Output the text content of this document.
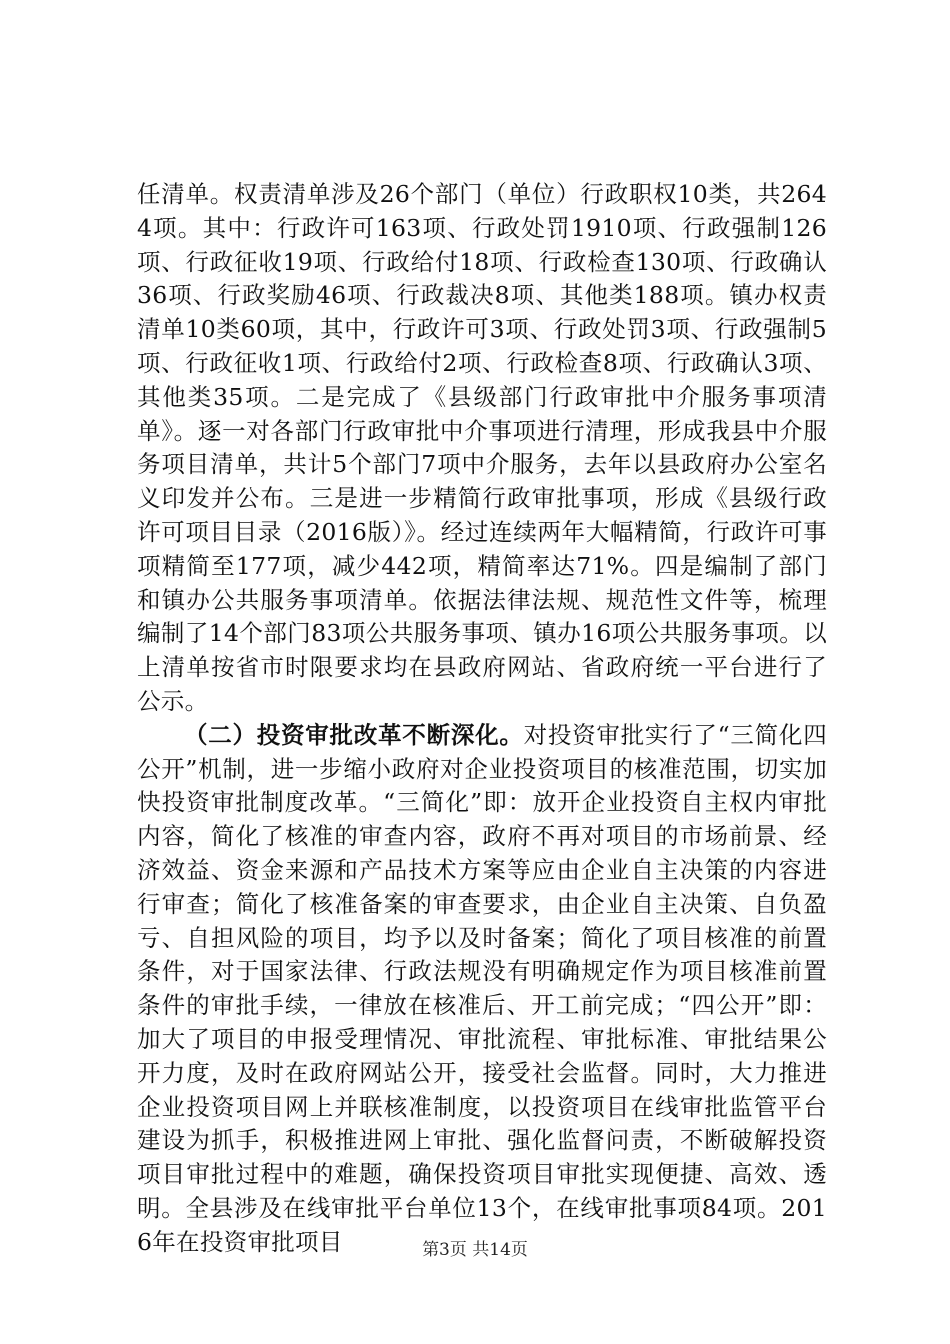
任清单。权责清单涉及26个部门（单位）行政职权10类，共2644项。其中：行政许可163项、行政处罚1910项、行政强制126项、行政征收19项、行政给付18项、行政检查130项、行政确认36项、行政奖励46项、行政裁决8项、其他类188项。镇办权责清单10类60项，其中，行政许可3项、行政处罚3项、行政强制5项、行政征收1项、行政给付2项、行政检查8项、行政确认3项、其他类35项。二是完成了《县级部门行政审批中介服务事项清单》。逐一对各部门行政审批中介事项进行清理，形成我县中介服务项目清单，共计5个部门7项中介服务，去年以县政府办公室名义印发并公布。三是进一步精简行政审批事项，形成《县级行政许可项目目录（2016版）》。经过连续两年大幅精简，行政许可事项精简至177项，减少442项，精简率达71%。四是编制了部门和镇办公共服务事项清单。依据法律法规、规范性文件等，梳理编制了14个部门83项公共服务事项、镇办16项公共服务事项。以上清单按省市时限要求均在县政府网站、省政府统一平台进行了公示。

（二）投资审批改革不断深化。对投资审批实行了“三简化四公开”机制，进一步缩小政府对企业投资项目的核准范围，切实加快投资审批制度改革。“三简化”即：放开企业投资自主权内审批内容，简化了核准的审查内容，政府不再对项目的市场前景、经济效益、资金来源和产品技术方案等应由企业自主决策的内容进行审查；简化了核准备案的审查要求，由企业自主决策、自负盈亏、自担风险的项目，均予以及时备案；简化了项目核准的前置条件，对于国家法律、行政法规没有明确规定作为项目核准前置条件的审批手续，一律放在核准后、开工前完成；“四公开”即：加大了项目的申报受理情况、审批流程、审批标准、审批结果公开力度，及时在政府网站公开，接受社会监督。同时，大力推进企业投资项目网上并联核准制度，以投资项目在线审批监管平台建设为抓手，积极推进网上审批、强化监督问责，不断破解投资项目审批过程中的难题，确保投资项目审批实现便捷、高效、透明。全县涉及在线审批平台单位13个，在线审批事项84项。2016年在投资审批项目	第3页 共14页
